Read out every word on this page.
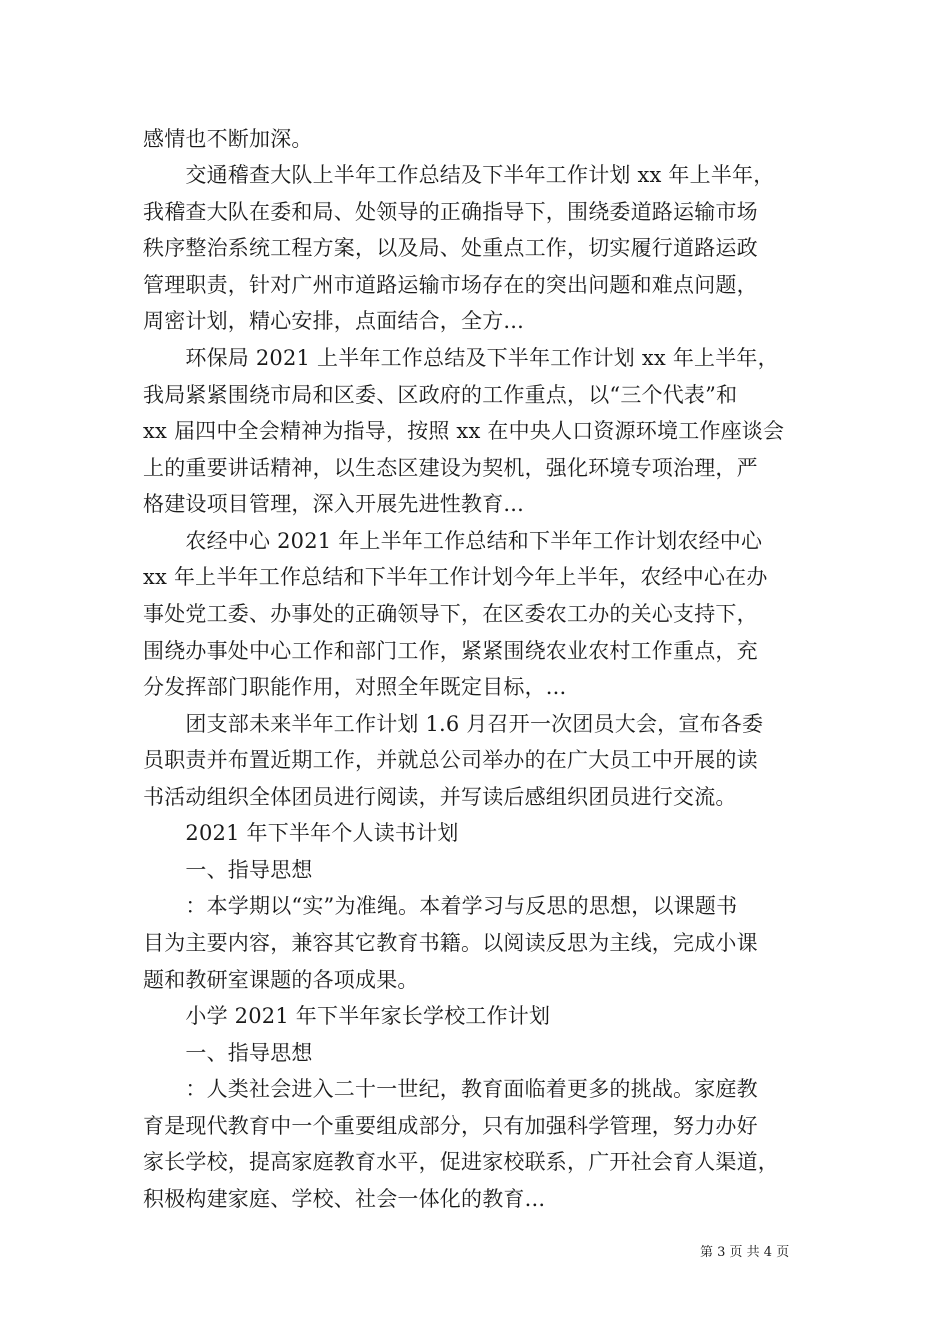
感情也不断加深。
　　交通稽查大队上半年工作总结及下半年工作计划 xx 年上半年，
我稽查大队在委和局、处领导的正确指导下，围绕委道路运输市场
秩序整治系统工程方案，以及局、处重点工作，切实履行道路运政
管理职责，针对广州市道路运输市场存在的突出问题和难点问题，
周密计划，精心安排，点面结合，全方...
　　环保局 2021 上半年工作总结及下半年工作计划 xx 年上半年，
我局紧紧围绕市局和区委、区政府的工作重点，以“三个代表”和
xx 届四中全会精神为指导，按照 xx 在中央人口资源环境工作座谈会
上的重要讲话精神，以生态区建设为契机，强化环境专项治理，严
格建设项目管理，深入开展先进性教育...
　　农经中心 2021 年上半年工作总结和下半年工作计划农经中心
xx 年上半年工作总结和下半年工作计划今年上半年，农经中心在办
事处党工委、办事处的正确领导下，在区委农工办的关心支持下，
围绕办事处中心工作和部门工作，紧紧围绕农业农村工作重点，充
分发挥部门职能作用，对照全年既定目标，...
　　团支部未来半年工作计划 1.6 月召开一次团员大会，宣布各委
员职责并布置近期工作，并就总公司举办的在广大员工中开展的读
书活动组织全体团员进行阅读，并写读后感组织团员进行交流。
　　2021 年下半年个人读书计划
　　一、指导思想
　　：本学期以“实”为准绳。本着学习与反思的思想，以课题书
目为主要内容，兼容其它教育书籍。以阅读反思为主线，完成小课
题和教研室课题的各项成果。
　　小学 2021 年下半年家长学校工作计划
　　一、指导思想
　　：人类社会进入二十一世纪，教育面临着更多的挑战。家庭教
育是现代教育中一个重要组成部分，只有加强科学管理，努力办好
家长学校，提高家庭教育水平，促进家校联系，广开社会育人渠道，
积极构建家庭、学校、社会一体化的教育...
第 3 页 共 4 页
